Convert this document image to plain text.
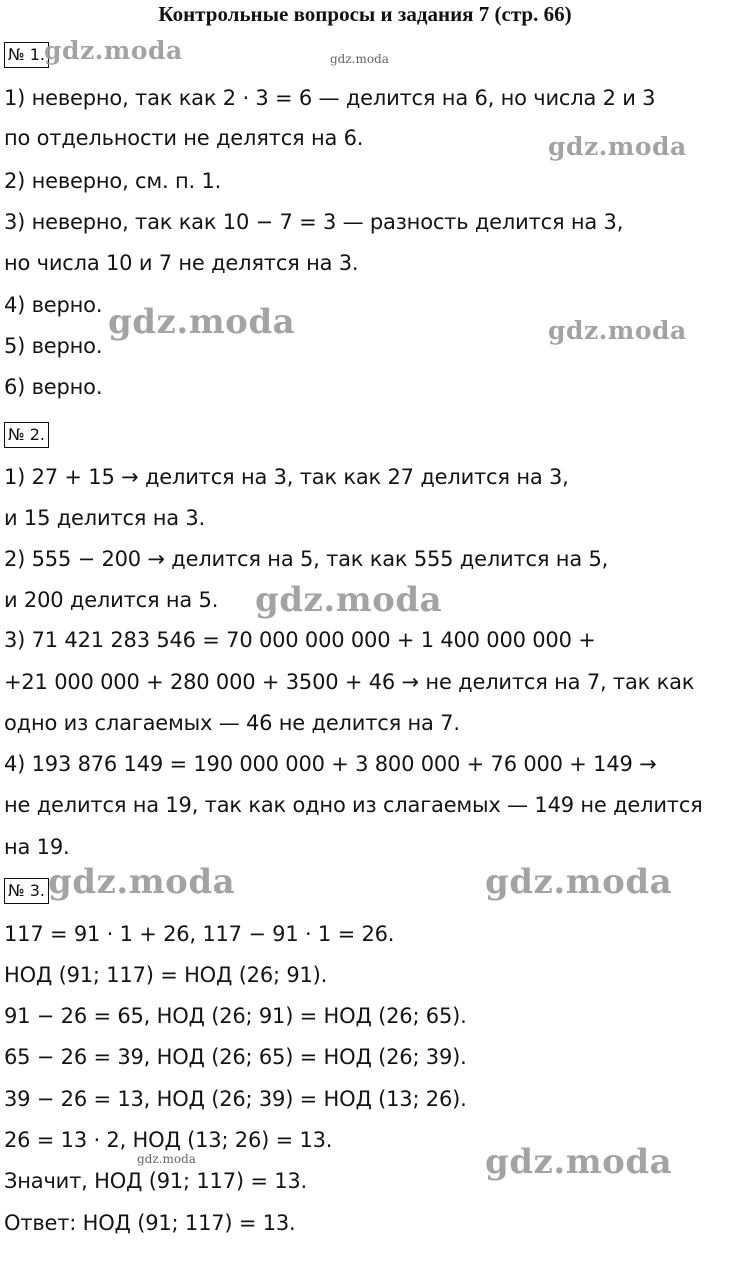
Контрольные вопросы и задания 7 (стр. 66)
№ 1.
1) неверно, так как 2 · 3 = 6 — делится на 6, но числа 2 и 3
по отдельности не делятся на 6.
2) неверно, см. п. 1.
3) неверно, так как 10 − 7 = 3 — разность делится на 3,
но числа 10 и 7 не делятся на 3.
4) верно.
5) верно.
6) верно.
№ 2.
1) 27 + 15 → делится на 3, так как 27 делится на 3,
и 15 делится на 3.
2) 555 − 200 → делится на 5, так как 555 делится на 5,
и 200 делится на 5.
3) 71 421 283 546 = 70 000 000 000 + 1 400 000 000 +
+21 000 000 + 280 000 + 3500 + 46 → не делится на 7, так как
одно из слагаемых — 46 не делится на 7.
4) 193 876 149 = 190 000 000 + 3 800 000 + 76 000 + 149 →
не делится на 19, так как одно из слагаемых — 149 не делится
на 19.
№ 3.
117 = 91 · 1 + 26, 117 − 91 · 1 = 26.
НОД (91; 117) = НОД (26; 91).
91 − 26 = 65, НОД (26; 91) = НОД (26; 65).
65 − 26 = 39, НОД (26; 65) = НОД (26; 39).
39 − 26 = 13, НОД (26; 39) = НОД (13; 26).
26 = 13 · 2, НОД (13; 26) = 13.
Значит, НОД (91; 117) = 13.
Ответ: НОД (91; 117) = 13.
gdz.moda	gdz.moda
gdz.moda
gdz.moda	gdz.moda
gdz.moda
gdz.moda	gdz.moda
gdz.moda	gdz.moda
